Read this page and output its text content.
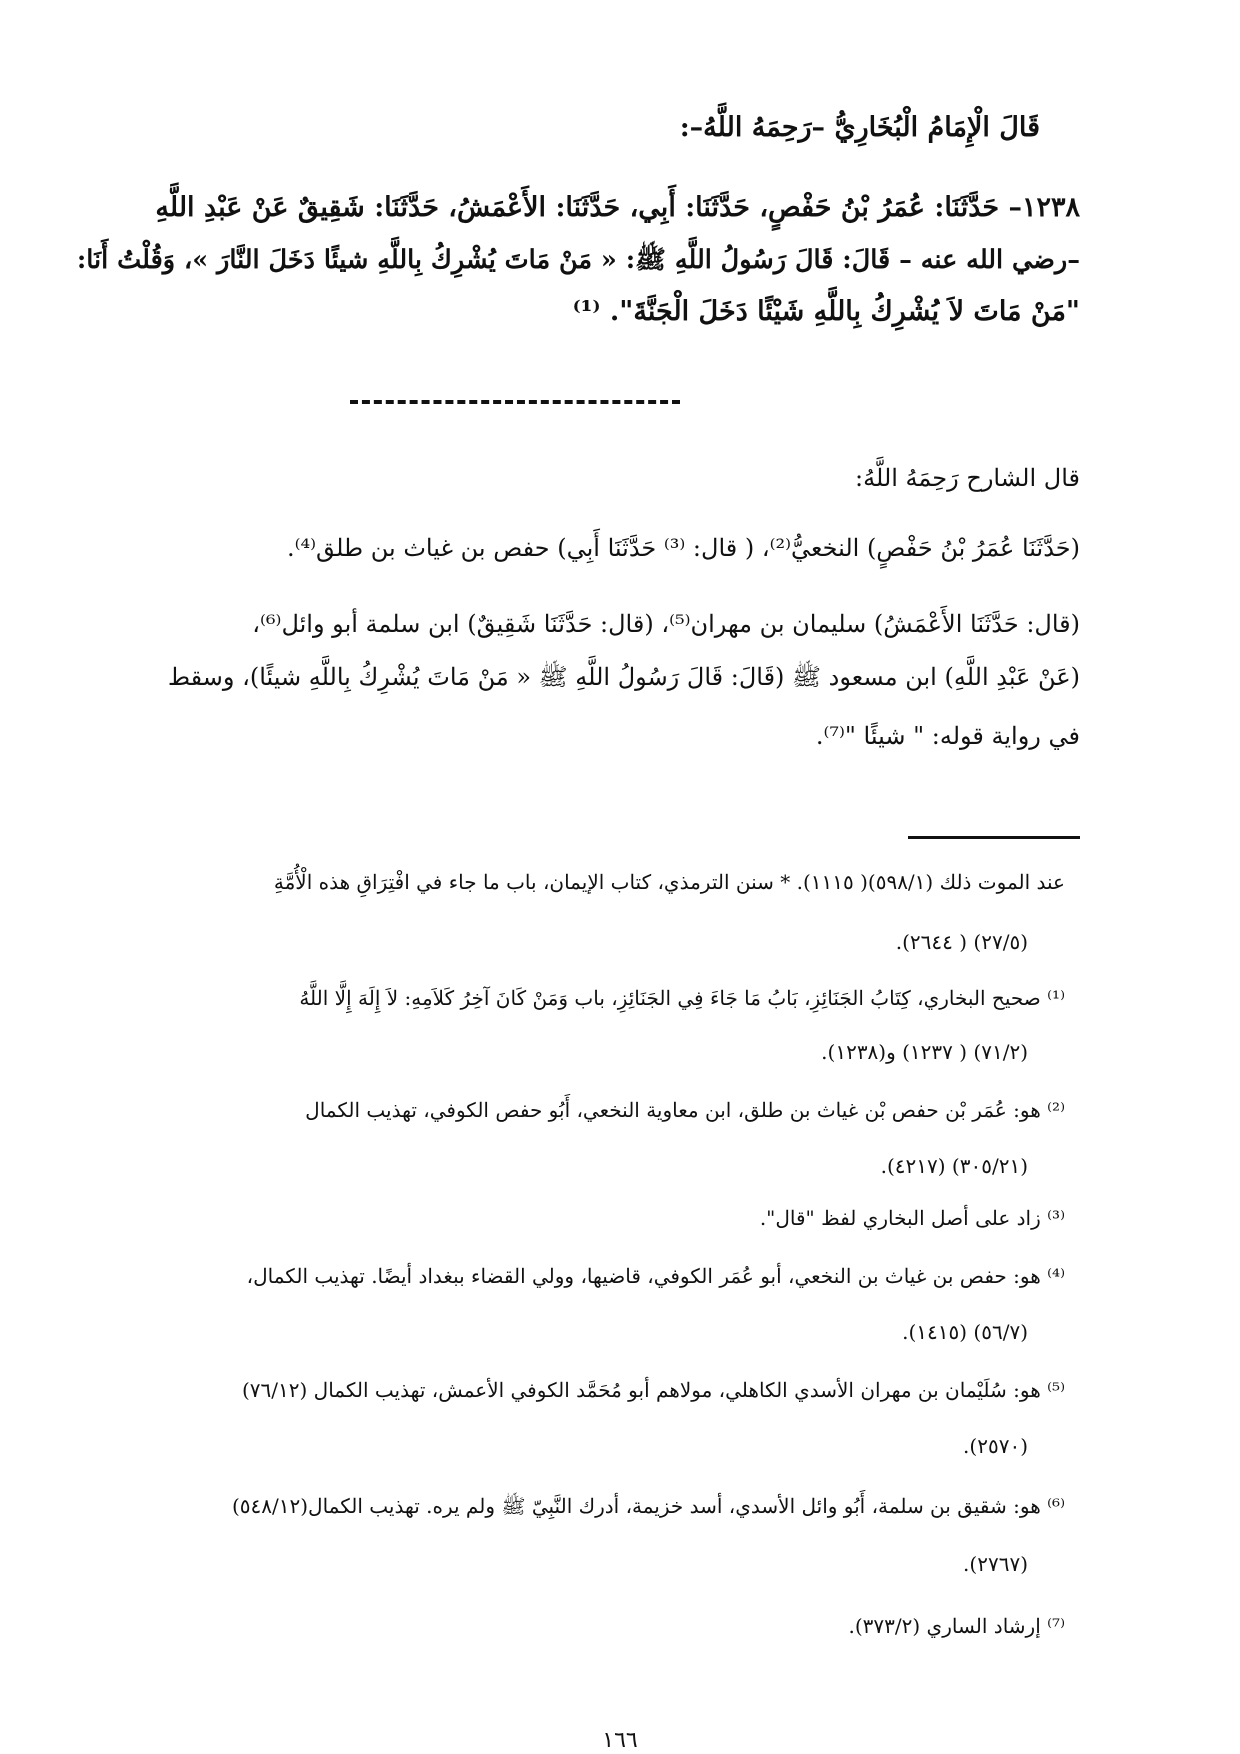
قَالَ الْإِمَامُ الْبُخَارِيُّ –رَحِمَهُ اللَّهُ–:
١٢٣٨– حَدَّثَنَا: عُمَرُ بْنُ حَفْصٍ، حَدَّثَنَا: أَبِي، حَدَّثَنَا: الأَعْمَشُ، حَدَّثَنَا: شَقِيقٌ عَنْ عَبْدِ اللَّهِ
–رضي الله عنه – قَالَ: قَالَ رَسُولُ اللَّهِ ﷺ: « مَنْ مَاتَ يُشْرِكُ بِاللَّهِ شيئًا دَخَلَ النَّارَ »، وَقُلْتُ أَنَا:
"مَنْ مَاتَ لاَ يُشْرِكُ بِاللَّهِ شَيْئًا دَخَلَ الْجَنَّةَ". ⁽¹⁾
قال الشارح رَحِمَهُ اللَّهُ:
(حَدَّثَنَا عُمَرُ بْنُ حَفْصٍ) النخعيُّ⁽²⁾، ( قال: ⁽³⁾ حَدَّثَنَا أَبِي) حفص بن غياث بن طلق⁽⁴⁾.
(قال: حَدَّثَنَا الأَعْمَشُ) سليمان بن مهران⁽⁵⁾، (قال: حَدَّثَنَا شَقِيقٌ) ابن سلمة أبو وائل⁽⁶⁾،
(عَنْ عَبْدِ اللَّهِ) ابن مسعود ﷺ (قَالَ: قَالَ رَسُولُ اللَّهِ ﷺ « مَنْ مَاتَ يُشْرِكُ بِاللَّهِ شيئًا)، وسقط
في رواية قوله: " شيئًا "⁽⁷⁾.
عند الموت ذلك (٥٩٨/١)( ١١١٥). * سنن الترمذي، كتاب الإيمان، باب ما جاء في افْتِرَاقِ هذه الْأُمَّةِ
(٢٧/٥) ( ٢٦٤٤).
⁽¹⁾ صحيح البخاري، كِتَابُ الجَنَائِزِ، بَابُ مَا جَاءَ فِي الجَنَائِزِ، باب وَمَنْ كَانَ آخِرُ كَلاَمِهِ: لاَ إِلَهَ إِلَّا اللَّهُ
(٧١/٢) ( ١٢٣٧) و(١٢٣٨).
⁽²⁾ هو: عُمَر بْن حفص بْن غياث بن طلق، ابن معاوية النخعي، أَبُو حفص الكوفي، تهذيب الكمال
(٣٠٥/٢١) (٤٢١٧).
⁽³⁾ زاد على أصل البخاري لفظ "قال".
⁽⁴⁾ هو: حفص بن غياث بن النخعي، أبو عُمَر الكوفي، قاضيها، وولي القضاء ببغداد أيضًا. تهذيب الكمال،
(٥٦/٧) (١٤١٥).
⁽⁵⁾ هو: سُلَيْمان بن مهران الأسدي الكاهلي، مولاهم أبو مُحَمَّد الكوفي الأعمش، تهذيب الكمال (٧٦/١٢)
(٢٥٧٠).
⁽⁶⁾ هو: شقيق بن سلمة، أَبُو وائل الأسدي، أسد خزيمة، أدرك النَّبِيّ ﷺ ولم يره. تهذيب الكمال(٥٤٨/١٢)
(٢٧٦٧).
⁽⁷⁾ إرشاد الساري (٣٧٣/٢).
١٦٦
